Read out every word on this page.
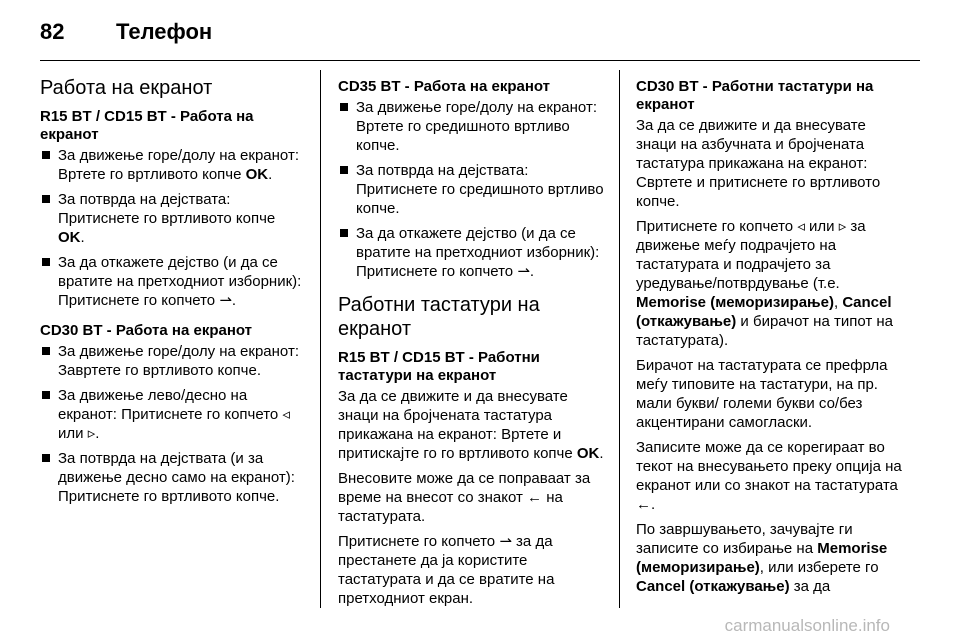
82	Телефон
Работа на екранот
R15 BT / CD15 BT - Работа на екранот
За движење горе/долу на екранот: Вртете го вртливото копче OK.
За потврда на дејствата: Притиснете го вртливото копче OK.
За да откажете дејство (и да се вратите на претходниот изборник): Притиснете го копчето ⇀.
CD30 BT - Работа на екранот
За движење горе/долу на екранот:
Завртете го вртливото копче.
За движење лево/десно на екранот: Притиснете го копчето ◃ или ▹.
За потврда на дејствата (и за движење десно само на екранот):
Притиснете го вртливото копче.
CD35 BT - Работа на екранот
За движење горе/долу на екранот: Вртете го средишното вртливо копче.
За потврда на дејствата: Притиснете го средишното вртливо копче.
За да откажете дејство (и да се вратите на претходниот изборник): Притиснете го копчето ⇀.
Работни тастатури на екранот
R15 BT / CD15 BT - Работни тастатури на екранот

За да се движите и да внесувате знаци на бројчената тастатура прикажана на екранот: Вртете и притискајте го го вртливото копче OK.

Внесовите може да се поправаат за време на внесот со знакот ← на тастатурата.

Притиснете го копчето ⇀ за да престанете да ја користите тастатурата и да се вратите на претходниот екран.

CD30 BT - Работни тастатури на екранот

За да се движите и да внесувате знаци на азбучната и бројчената тастатура прикажана на екранот: Свртете и притиснете го вртливото копче.

Притиснете го копчето ◃ или ▹ за движење меѓу подрачјето на тастатурата и подрачјето за уредување/потврдување (т.е. Memorise (меморизирање), Cancel (откажување) и бирачот на типот на тастатурата).

Бирачот на тастатурата се префрла меѓу типовите на тастатури, на пр. мали букви/ големи букви со/без акцентирани самогласки.

Записите може да се корегираат во текот на внесувањето преку опција на екранот или со знакот на тастатурата ←.

По завршувањето, зачувајте ги записите со избирање на Memorise (меморизирање), или изберете го Cancel (откажување) за да

carmanualsonline.info
